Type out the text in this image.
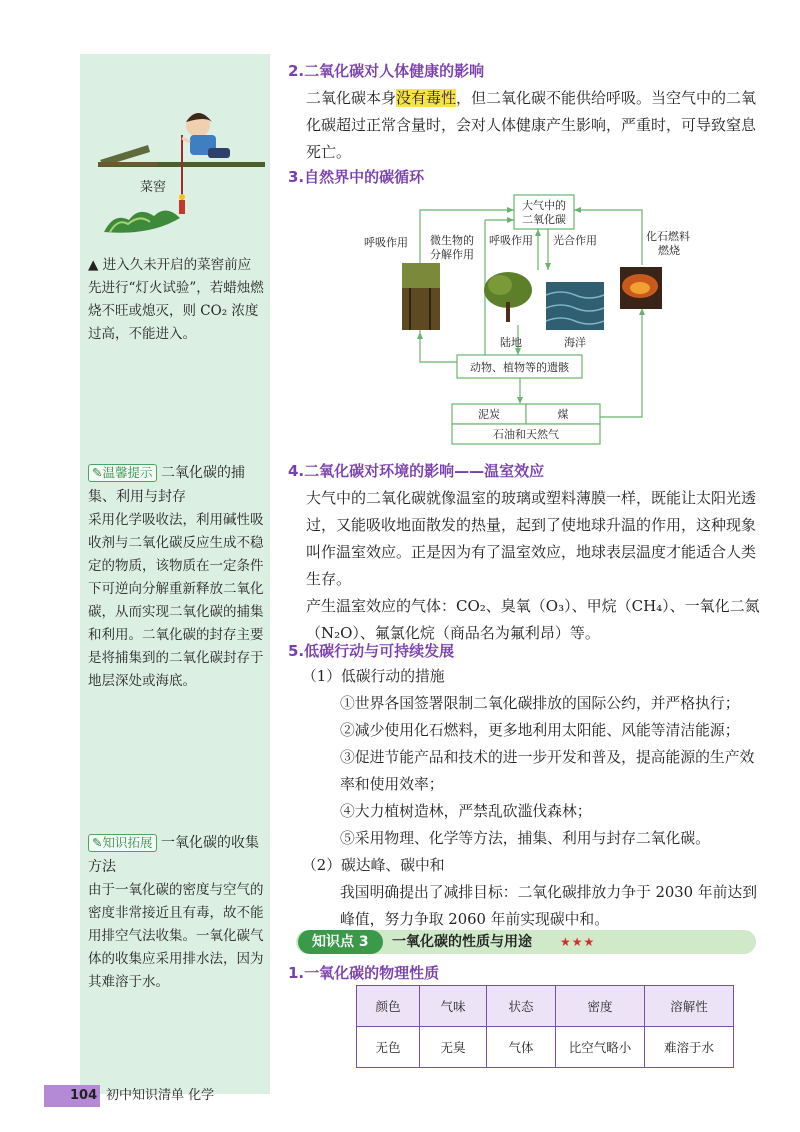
菜窖
▲ 进入久未开启的菜窖前应先进行“灯火试验”，若蜡烛燃烧不旺或熄灭，则 CO₂ 浓度过高，不能进入。
✎温馨提示 二氧化碳的捕集、利用与封存
采用化学吸收法，利用碱性吸收剂与二氧化碳反应生成不稳定的物质，该物质在一定条件下可逆向分解重新释放二氧化碳，从而实现二氧化碳的捕集和利用。二氧化碳的封存主要是将捕集到的二氧化碳封存于地层深处或海底。
✎知识拓展 一氧化碳的收集方法
由于一氧化碳的密度与空气的密度非常接近且有毒，故不能用排空气法收集。一氧化碳气体的收集应采用排水法，因为其难溶于水。
2.二氧化碳对人体健康的影响

二氧化碳本身没有毒性，但二氧化碳不能供给呼吸。当空气中的二氧化碳超过正常含量时，会对人体健康产生影响，严重时，可导致窒息死亡。

3.自然界中的碳循环
大气中的
二氧化碳
呼吸作用 微生物的
分解作用
呼吸作用 光合作用	化石燃料
燃烧
陆地	海洋
动物、植物等的遗骸
泥炭	煤
石油和天然气
4.二氧化碳对环境的影响——温室效应

大气中的二氧化碳就像温室的玻璃或塑料薄膜一样，既能让太阳光透过，又能吸收地面散发的热量，起到了使地球升温的作用，这种现象叫作温室效应。正是因为有了温室效应，地球表层温度才能适合人类生存。

产生温室效应的气体：CO₂、臭氧（O₃）、甲烷（CH₄）、一氧化二氮（N₂O）、氟氯化烷（商品名为氟利昂）等。

5.低碳行动与可持续发展
（1）低碳行动的措施
①世界各国签署限制二氧化碳排放的国际公约，并严格执行；
②减少使用化石燃料，更多地利用太阳能、风能等清洁能源；
③促进节能产品和技术的进一步开发和普及，提高能源的生产效率和使用效率；
④大力植树造林，严禁乱砍滥伐森林；
⑤采用物理、化学等方法，捕集、利用与封存二氧化碳。
（2）碳达峰、碳中和
我国明确提出了减排目标：二氧化碳排放力争于 2030 年前达到峰值，努力争取 2060 年前实现碳中和。
知识点 3	一氧化碳的性质与用途 ★★★
1.一氧化碳的物理性质
颜色	气味	状态	密度	溶解性
无色	无臭	气体	比空气略小	难溶于水
104 初中知识清单 化学
